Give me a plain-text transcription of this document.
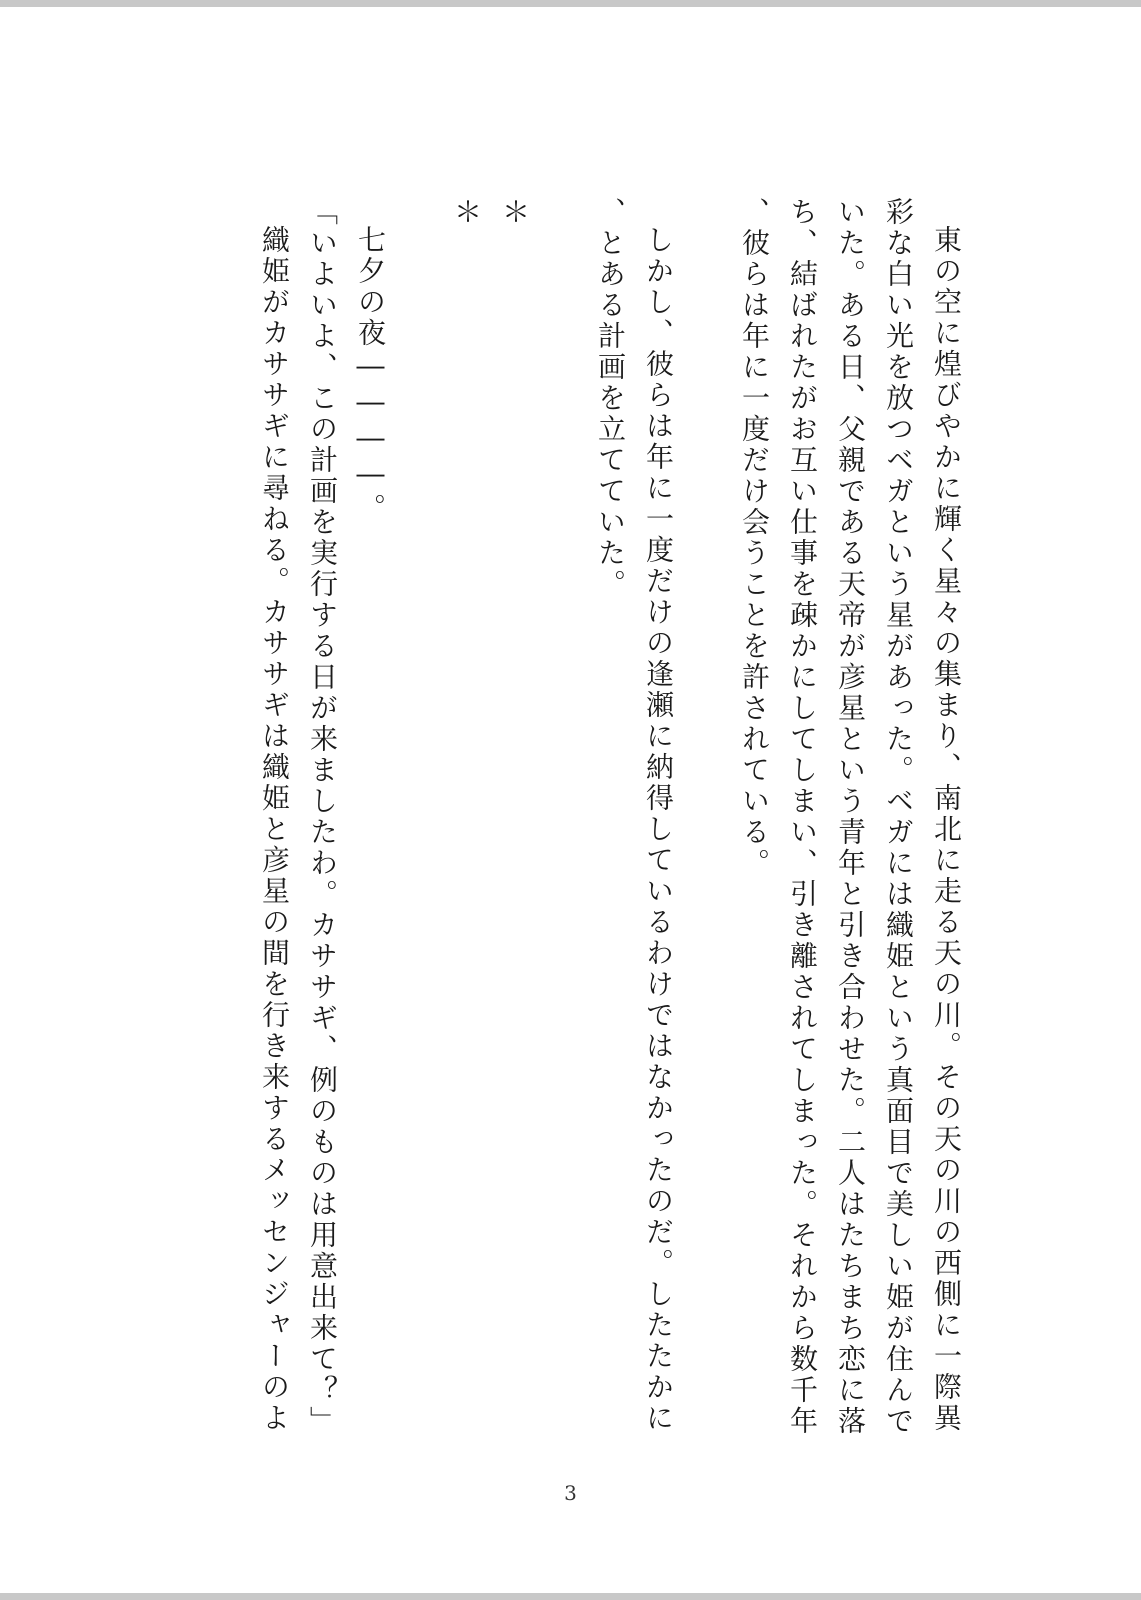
東の空に煌びやかに輝く星々の集まり、南北に走る天の川。その天の川の西側に一際異彩な白い光を放つベガという星があった。ベガには織姫という真面目で美しい姫が住んでいた。ある日、父親である天帝が彦星という青年と引き合わせた。二人はたちまち恋に落ち、結ばれたがお互い仕事を疎かにしてしまい、引き離されてしまった。それから数千年、彼らは年に一度だけ会うことを許されている。

しかし、彼らは年に一度だけの逢瀬に納得しているわけではなかったのだ。したたかに、とある計画を立てていた。

＊
＊

七夕の夜――――。

「いよいよ、この計画を実行する日が来ましたわ。カササギ、例のものは用意出来て？」

織姫がカササギに尋ねる。カササギは織姫と彦星の間を行き来するメッセンジャーのよ

3
